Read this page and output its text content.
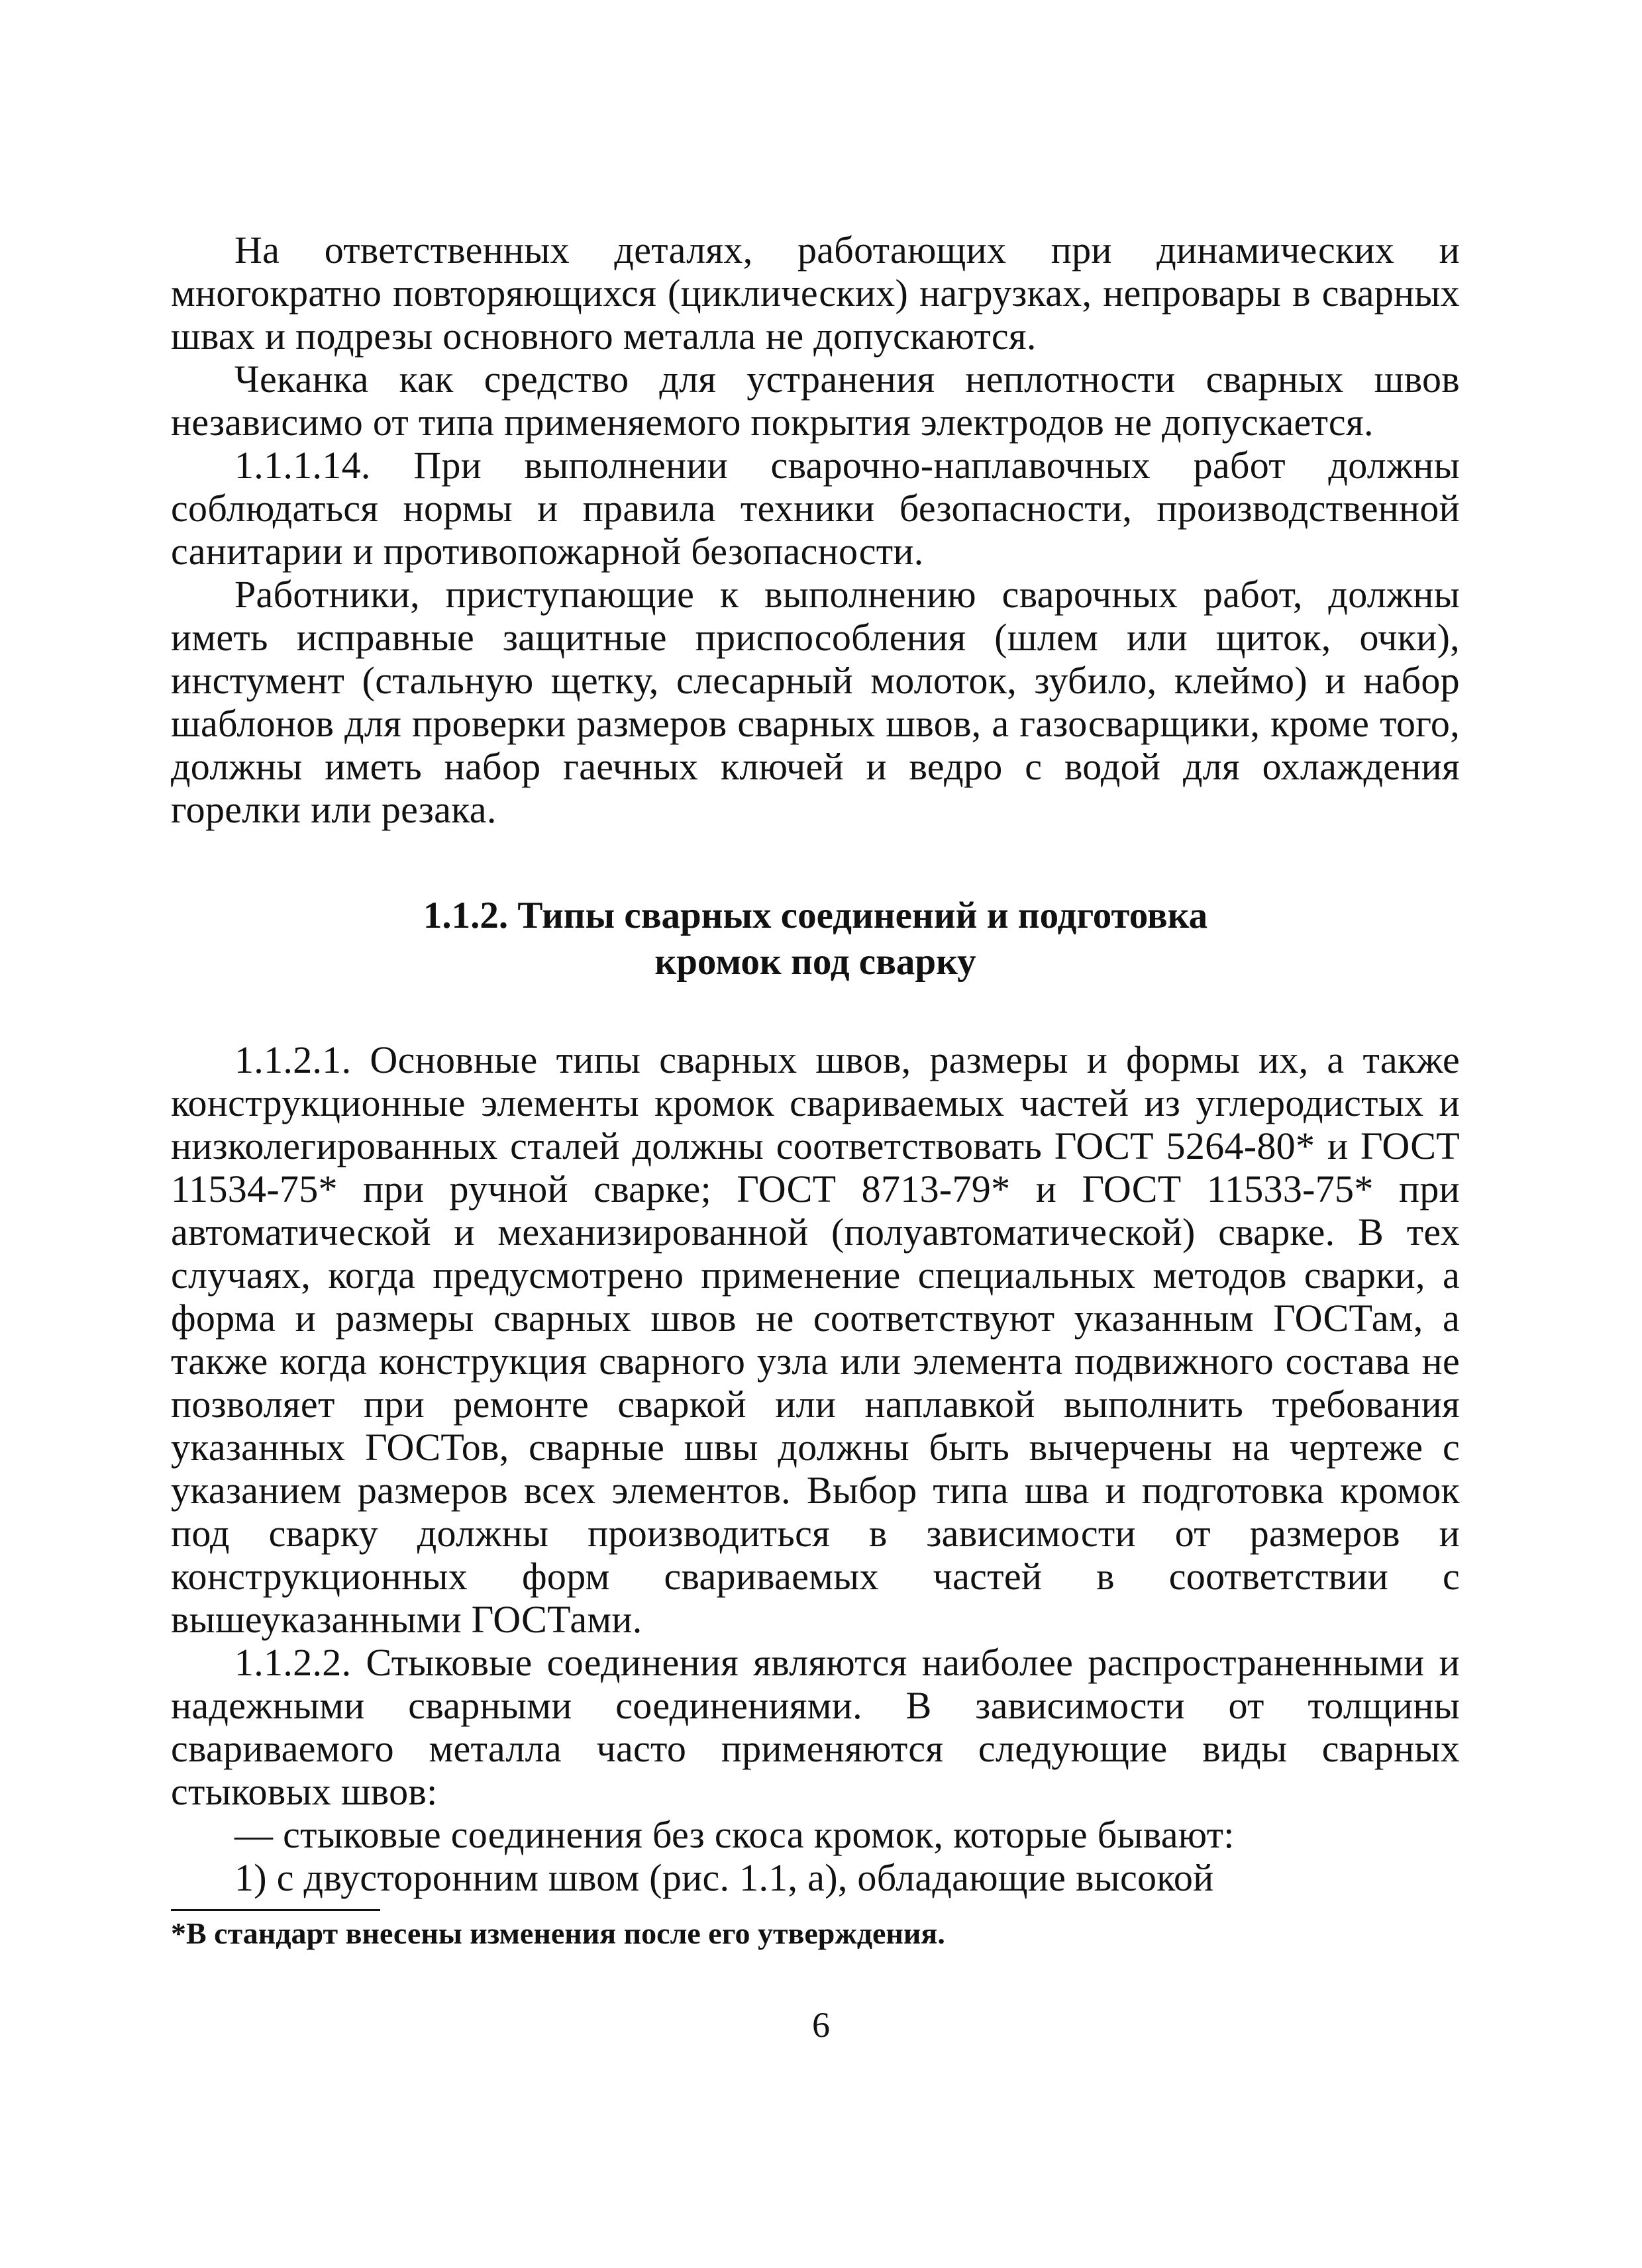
На ответственных деталях, работающих при динамических и многократно повторяющихся (циклических) нагрузках, непровары в сварных швах и подрезы основного металла не допускаются.

Чеканка как средство для устранения неплотности сварных швов независимо от типа применяемого покрытия электродов не допускается.

1.1.1.14. При выполнении сварочно-наплавочных работ должны соблюдаться нормы и правила техники безопасности, производственной санитарии и противопожарной безопасности.

Работники, приступающие к выполнению сварочных работ, должны иметь исправные защитные приспособления (шлем или щиток, очки), инстумент (стальную щетку, слесарный молоток, зубило, клеймо) и набор шаблонов для проверки размеров сварных швов, а газосварщики, кроме того, должны иметь набор гаечных ключей и ведро с водой для охлаждения горелки или резака.

1.1.2. Типы сварных соединений и подготовка

кромок под сварку

1.1.2.1. Основные типы сварных швов, размеры и формы их, а также конструкционные элементы кромок свариваемых частей из углеродистых и низколегированных сталей должны соответствовать ГОСТ 5264-80* и ГОСТ 11534-75* при ручной сварке; ГОСТ 8713-79* и ГОСТ 11533-75* при автоматической и механизированной (полуавтоматической) сварке. В тех случаях, когда предусмотрено применение специальных методов сварки, а форма и размеры сварных швов не соответствуют указанным ГОСТам, а также когда конструкция сварного узла или элемента подвижного состава не позволяет при ремонте сваркой или наплавкой выполнить требования указанных ГОСТов, сварные швы должны быть вычерчены на чертеже с указанием размеров всех элементов. Выбор типа шва и подготовка кромок под сварку должны производиться в зависимости от размеров и конструкционных форм свариваемых частей в соответствии с вышеуказанными ГОСТами.

1.1.2.2. Стыковые соединения являются наиболее распространенными и надежными сварными соединениями. В зависимости от толщины свариваемого металла часто применяются следующие виды сварных стыковых швов:

— стыковые соединения без скоса кромок, которые бывают:

1) с двусторонним швом (рис. 1.1, а), обладающие высокой

*В стандарт внесены изменения после его утверждения.

6
